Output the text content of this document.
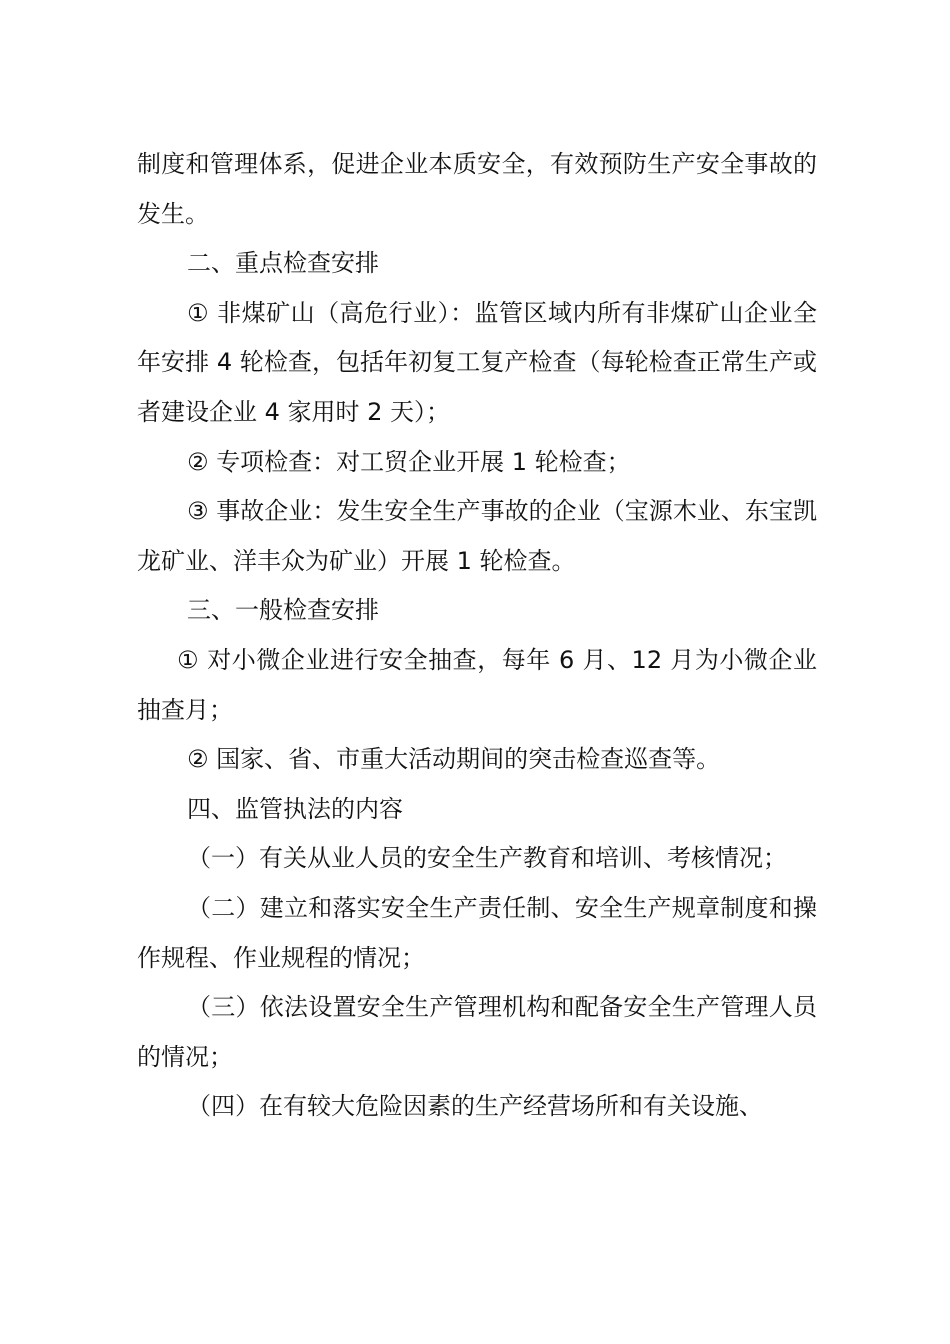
制度和管理体系，促进企业本质安全，有效预防生产安全事故的发生。

二、重点检查安排

① 非煤矿山（高危行业）：监管区域内所有非煤矿山企业全年安排 4 轮检查，包括年初复工复产检查（每轮检查正常生产或者建设企业 4 家用时 2 天）；

② 专项检查：对工贸企业开展 1 轮检查；

③ 事故企业：发生安全生产事故的企业（宝源木业、东宝凯龙矿业、洋丰众为矿业）开展 1 轮检查。

三、一般检查安排

① 对小微企业进行安全抽查，每年 6 月、12 月为小微企业抽查月；

② 国家、省、市重大活动期间的突击检查巡查等。

四、监管执法的内容

（一）有关从业人员的安全生产教育和培训、考核情况；

（二）建立和落实安全生产责任制、安全生产规章制度和操作规程、作业规程的情况；

（三）依法设置安全生产管理机构和配备安全生产管理人员的情况；

（四）在有较大危险因素的生产经营场所和有关设施、
